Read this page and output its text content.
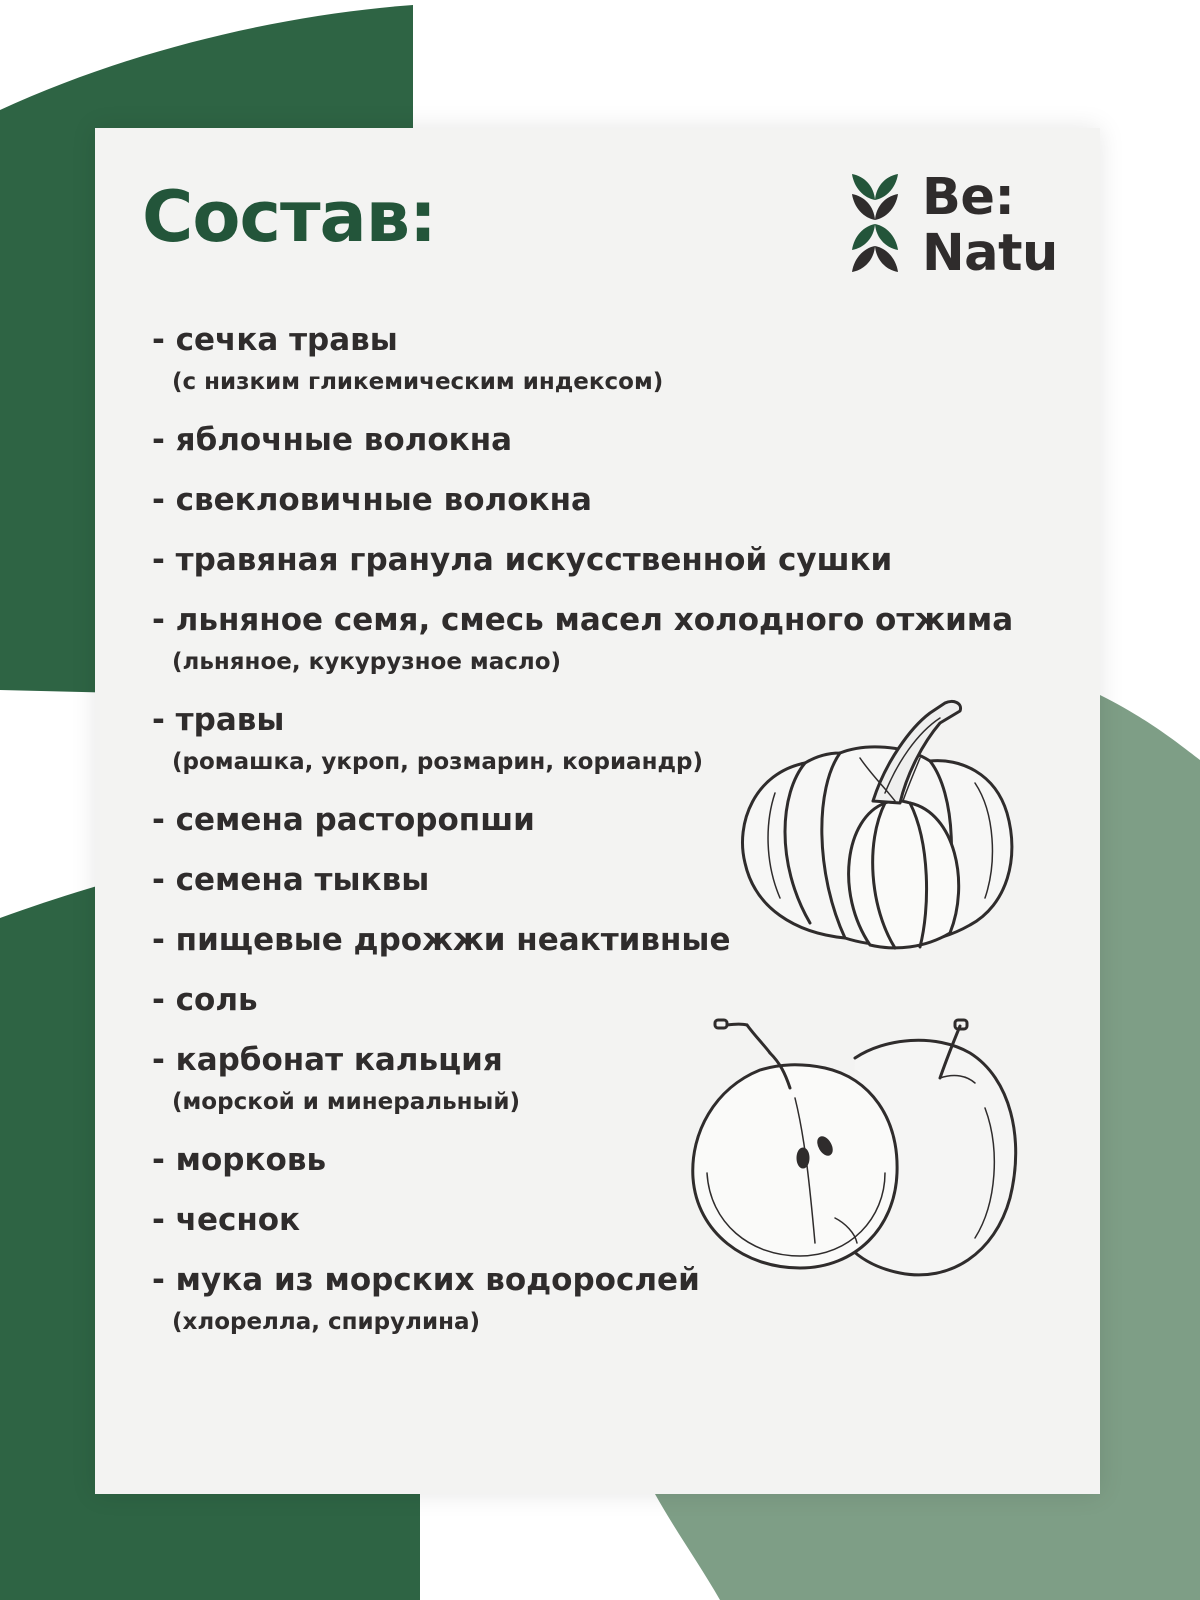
Состав:	Be:
Natu
- сечка травы
(с низким гликемическим индексом)
- яблочные волокна
- свекловичные волокна
- травяная гранула искусственной сушки
- льняное семя, смесь масел холодного отжима
(льняное, кукурузное масло)
- травы
(ромашка, укроп, розмарин, кориандр)
- семена расторопши
- семена тыквы
- пищевые дрожжи неактивные
- соль
- карбонат кальция
(морской и минеральный)
- морковь
- чеснок
- мука из морских водорослей
(хлорелла, спирулина)
